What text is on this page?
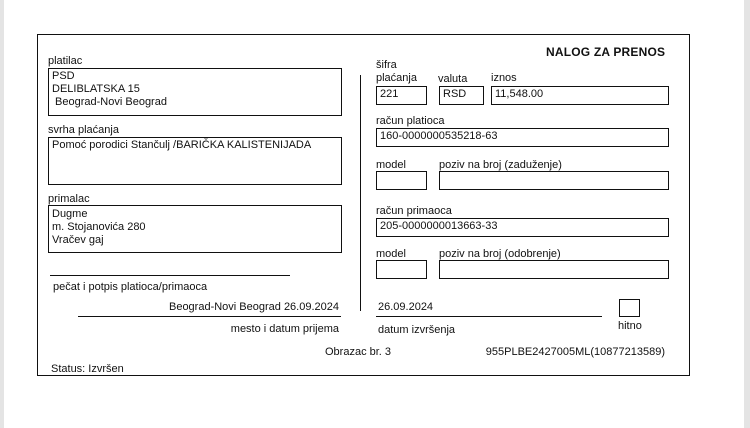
NALOG ZA PRENOS
platilac
PSD
DELIBLATSKA 15
Beograd-Novi Beograd
svrha plaćanja
Pomoć porodici Stančulj /BARIČKA KALISTENIJADA
primalac
Dugme
m. Stojanovića 280
Vračev gaj
pečat i potpis platioca/primaoca
šifra
plaćanja valuta iznos
221	RSD	11,548.00
račun platioca
160-0000000535218-63
model	poziv na broj (zaduženje)
račun primaoca
205-0000000013663-33
model	poziv na broj (odobrenje)
Beograd-Novi Beograd 26.09.2024
mesto i datum prijema
26.09.2024
datum izvršenja	hitno
Obrazac br. 3	955PLBE2427005ML(10877213589)
Status: Izvršen
